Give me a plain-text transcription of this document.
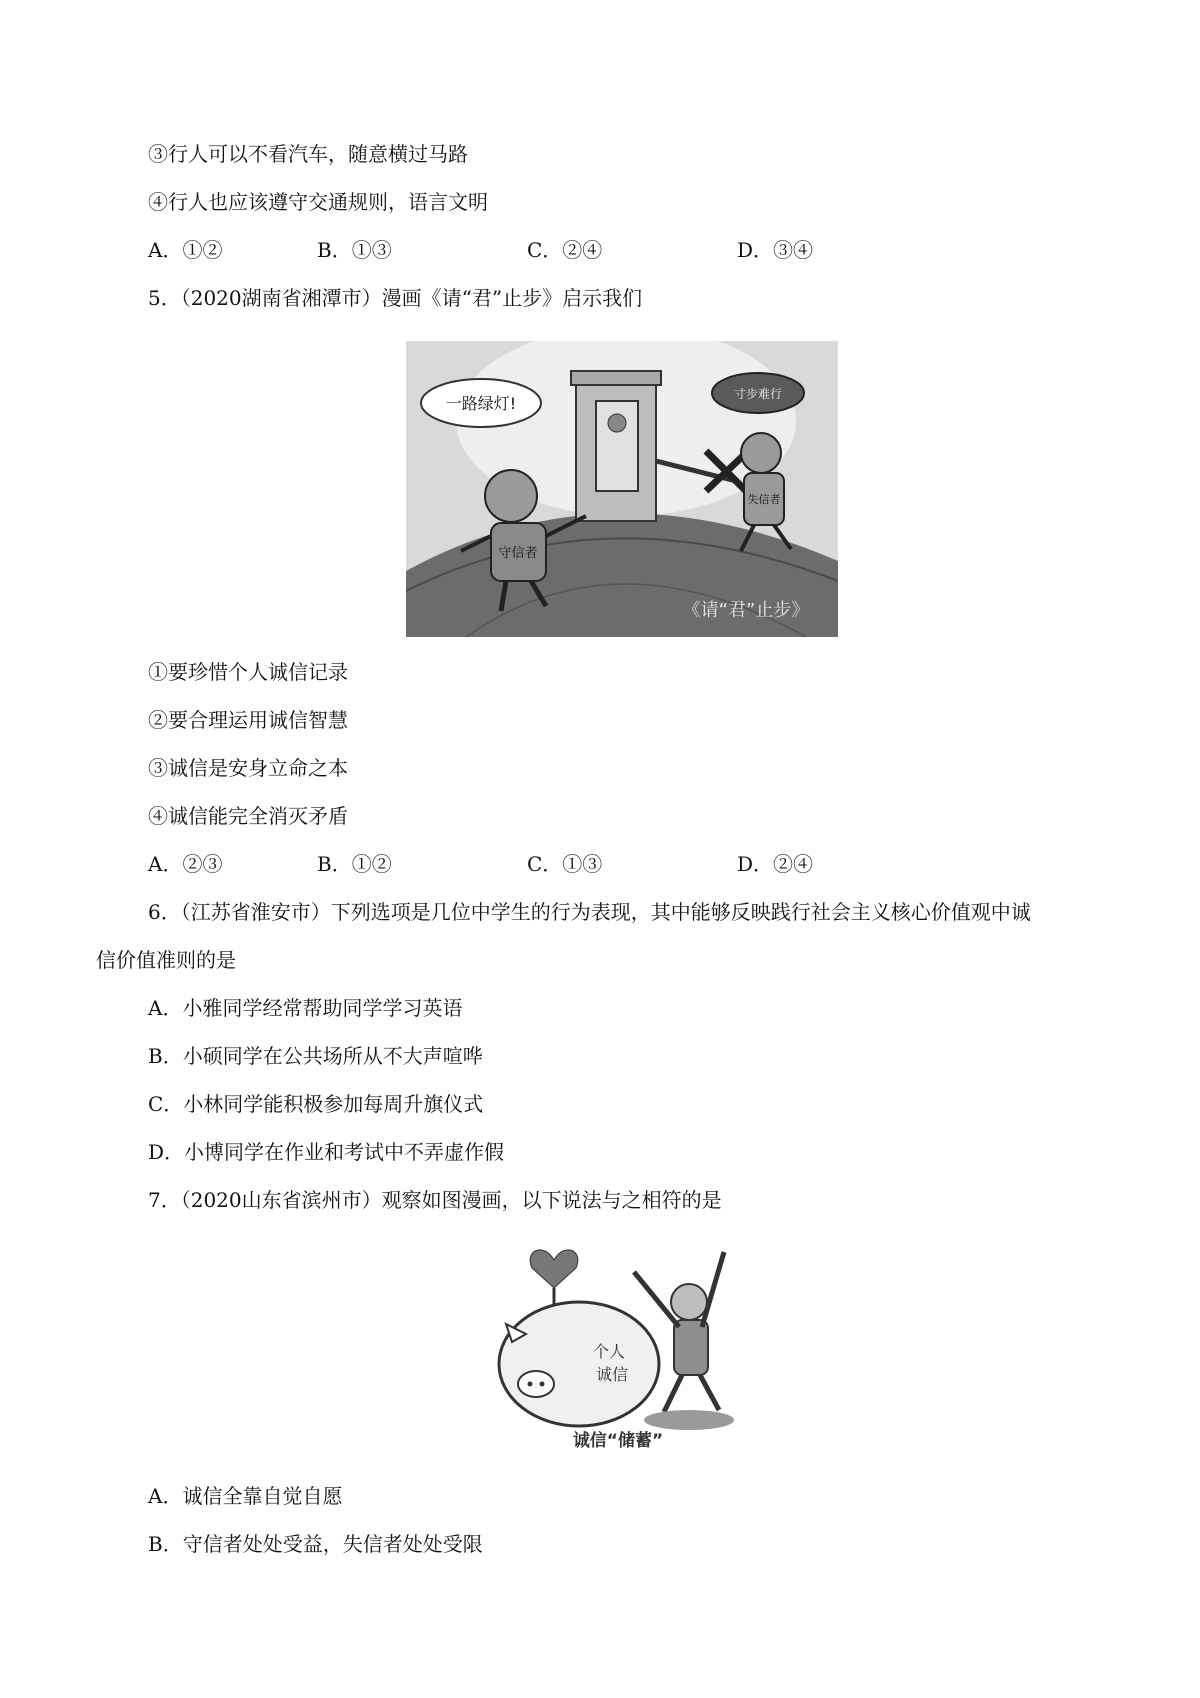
③行人可以不看汽车，随意横过马路
④行人也应该遵守交通规则，语言文明
A．①②	B．①③	C．②④	D．③④
5．（2020湖南省湘潭市）漫画《请“君”止步》启示我们
一路绿灯!
守信者
寸步难行
失信者
《请“君”止步》
①要珍惜个人诚信记录
②要合理运用诚信智慧
③诚信是安身立命之本
④诚信能完全消灭矛盾
A．②③	B．①②	C．①③	D．②④
6．（江苏省淮安市）下列选项是几位中学生的行为表现，其中能够反映践行社会主义核心价值观中诚
信价值准则的是
A．小雅同学经常帮助同学学习英语
B．小硕同学在公共场所从不大声喧哗
C．小林同学能积极参加每周升旗仪式
D．小博同学在作业和考试中不弄虚作假
7．（2020山东省滨州市）观察如图漫画，以下说法与之相符的是
个人
诚信
诚信“储蓄”
A．诚信全靠自觉自愿
B．守信者处处受益，失信者处处受限
